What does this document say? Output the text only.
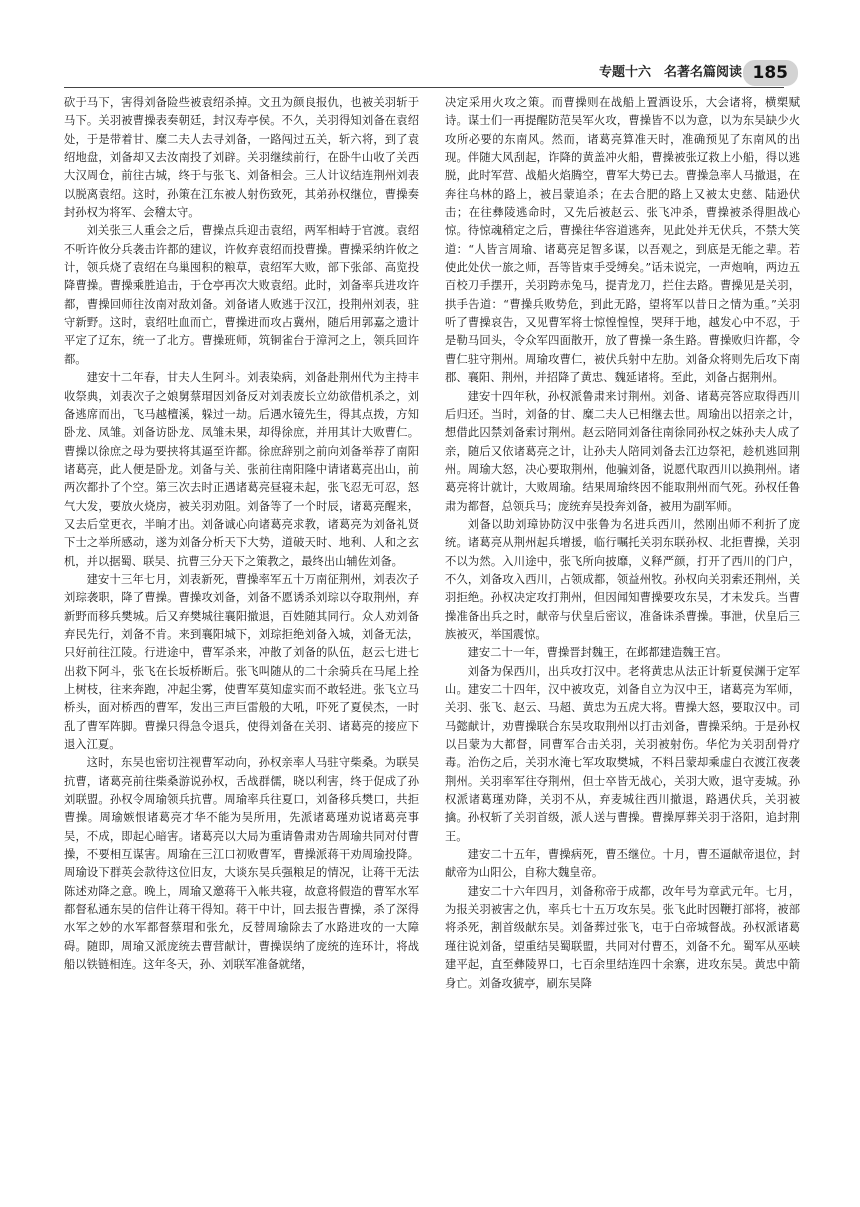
专题十六　名著名篇阅读 185

砍于马下，害得刘备险些被袁绍杀掉。文丑为颜良报仇，也被关羽斩于马下。关羽被曹操表奏朝廷，封汉寿亭侯。不久，关羽得知刘备在袁绍处，于是带着甘、糜二夫人去寻刘备，一路闯过五关，斩六将，到了袁绍地盘，刘备却又去汝南投了刘辟。关羽继续前行，在卧牛山收了关西大汉周仓，前往古城，终于与张飞、刘备相会。三人计议结连荆州刘表以脱离袁绍。这时，孙策在江东被人射伤致死，其弟孙权继位，曹操奏封孙权为将军、会稽太守。

刘关张三人重会之后，曹操点兵迎击袁绍，两军相峙于官渡。袁绍不听许攸分兵袭击许都的建议，许攸弃袁绍而投曹操。曹操采纳许攸之计，领兵烧了袁绍在乌巢囤积的粮草，袁绍军大败，部下张郃、高览投降曹操。曹操乘胜追击，于仓亭再次大败袁绍。此时，刘备率兵进攻许都，曹操回师往汝南对敌刘备。刘备诸人败逃于汉江，投荆州刘表，驻守新野。这时，袁绍吐血而亡，曹操进而攻占冀州，随后用郭嘉之遗计平定了辽东，统一了北方。曹操班师，筑铜雀台于漳河之上，领兵回许都。

建安十二年春，甘夫人生阿斗。刘表染病，刘备赴荆州代为主持丰收祭典，刘表次子之娘舅蔡瑁因刘备反对刘表废长立幼欲借机杀之，刘备逃席而出，飞马越檀溪，躲过一劫。后遇水镜先生，得其点拨，方知卧龙、凤雏。刘备访卧龙、凤雏未果，却得徐庶，并用其计大败曹仁。曹操以徐庶之母为要挟将其逼至许都。徐庶辞别之前向刘备举荐了南阳诸葛亮，此人便是卧龙。刘备与关、张前往南阳隆中请诸葛亮出山，前两次都扑了个空。第三次去时正遇诸葛亮昼寝未起，张飞忍无可忍，怒气大发，要放火烧房，被关羽劝阻。刘备等了一个时辰，诸葛亮醒来，又去后堂更衣，半晌才出。刘备诚心向诸葛亮求教，诸葛亮为刘备礼贤下士之举所感动，遂为刘备分析天下大势，道破天时、地利、人和之玄机，并以据蜀、联吴、抗曹三分天下之策教之，最终出山辅佐刘备。

建安十三年七月，刘表新死，曹操率军五十万南征荆州，刘表次子刘琮袭职，降了曹操。曹操攻刘备，刘备不愿诱杀刘琮以夺取荆州，弃新野而移兵樊城。后又弃樊城往襄阳撤退，百姓随其同行。众人劝刘备弃民先行，刘备不肯。来到襄阳城下，刘琮拒绝刘备入城，刘备无法，只好前往江陵。行进途中，曹军杀来，冲散了刘备的队伍，赵云七进七出救下阿斗，张飞在长坂桥断后。张飞叫随从的二十余骑兵在马尾上拴上树枝，往来奔跑，冲起尘雾，使曹军莫知虚实而不敢轻进。张飞立马桥头，面对桥西的曹军，发出三声巨雷般的大吼，吓死了夏侯杰，一时乱了曹军阵脚。曹操只得急令退兵，使得刘备在关羽、诸葛亮的接应下退入江夏。

这时，东吴也密切注视曹军动向，孙权亲率人马驻守柴桑。为联吴抗曹，诸葛亮前往柴桑游说孙权，舌战群儒，晓以利害，终于促成了孙刘联盟。孙权令周瑜领兵抗曹。周瑜率兵往夏口，刘备移兵樊口，共拒曹操。周瑜嫉恨诸葛亮才华不能为吴所用，先派诸葛瑾劝说诸葛亮事吴，不成，即起心暗害。诸葛亮以大局为重请鲁肃劝告周瑜共同对付曹操，不要相互谋害。周瑜在三江口初败曹军，曹操派蒋干劝周瑜投降。周瑜设下群英会款待这位旧友，大谈东吴兵强粮足的情况，让蒋干无法陈述劝降之意。晚上，周瑜又邀蒋干入帐共寝，故意将假造的曹军水军都督私通东吴的信件让蒋干得知。蒋干中计，回去报告曹操，杀了深得水军之妙的水军都督蔡瑁和张允，反替周瑜除去了水路进攻的一大障碍。随即，周瑜又派庞统去曹营献计，曹操误纳了庞统的连环计，将战船以铁链相连。这年冬天，孙、刘联军准备就绪，

决定采用火攻之策。而曹操则在战船上置酒设乐，大会诸将，横槊赋诗。谋士们一再提醒防范吴军火攻，曹操皆不以为意，以为东吴缺少火攻所必要的东南风。然而，诸葛亮算准天时，准确预见了东南风的出现。伴随大风刮起，诈降的黄盖冲火船，曹操被张辽救上小船，得以逃脱，此时军营、战船火焰腾空，曹军大势已去。曹操急率人马撤退，在奔往乌林的路上，被吕蒙追杀；在去合肥的路上又被太史慈、陆逊伏击；在往彝陵逃命时，又先后被赵云、张飞冲杀，曹操被杀得胆战心惊。待惊魂稍定之后，曹操往华容道逃奔，见此处并无伏兵，不禁大笑道：“人皆言周瑜、诸葛亮足智多谋，以吾观之，到底是无能之辈。若使此处伏一旅之师，吾等皆束手受缚矣。”话未说完，一声炮响，两边五百校刀手摆开，关羽跨赤兔马，提青龙刀，拦住去路。曹操见是关羽，拱手告道：“曹操兵败势危，到此无路，望将军以昔日之情为重。”关羽听了曹操哀告，又见曹军将士惊惶惶惶，哭拜于地，越发心中不忍，于是勒马回头，令众军四面散开，放了曹操一条生路。曹操败归许都，令曹仁驻守荆州。周瑜攻曹仁，被伏兵射中左肋。刘备众将则先后攻下南郡、襄阳、荆州，并招降了黄忠、魏延诸将。至此，刘备占据荆州。

建安十四年秋，孙权派鲁肃来讨荆州。刘备、诸葛亮答应取得西川后归还。当时，刘备的甘、糜二夫人已相继去世。周瑜出以招亲之计，想借此囚禁刘备索讨荆州。赵云陪同刘备往南徐同孙权之妹孙夫人成了亲，随后又依诸葛亮之计，让孙夫人陪同刘备去江边祭祀，趁机逃回荆州。周瑜大怒，决心要取荆州，他骗刘备，说愿代取西川以换荆州。诸葛亮将计就计，大败周瑜。结果周瑜终因不能取荆州而气死。孙权任鲁肃为都督，总领兵马；庞统弃吴投奔刘备，被用为副军师。

刘备以助刘璋协防汉中张鲁为名进兵西川，然刚出师不利折了庞统。诸葛亮从荆州起兵增援，临行嘱托关羽东联孙权、北拒曹操，关羽不以为然。入川途中，张飞所向披靡，义释严颜，打开了西川的门户，不久，刘备攻入西川，占领成都，领益州牧。孙权向关羽索还荆州，关羽拒绝。孙权决定攻打荆州，但因闻知曹操要攻东吴，才未发兵。当曹操准备出兵之时，献帝与伏皇后密议，准备诛杀曹操。事泄，伏皇后三族被灭，举国震惊。

建安二十一年，曹操晋封魏王，在邺都建造魏王宫。

刘备为保西川，出兵攻打汉中。老将黄忠从法正计斩夏侯渊于定军山。建安二十四年，汉中被攻克，刘备自立为汉中王，诸葛亮为军师，关羽、张飞、赵云、马超、黄忠为五虎大将。曹操大怒，要取汉中。司马懿献计，劝曹操联合东吴攻取荆州以打击刘备，曹操采纳。于是孙权以吕蒙为大都督，同曹军合击关羽，关羽被射伤。华佗为关羽刮骨疗毒。治伤之后，关羽水淹七军攻取樊城，不料吕蒙却乘虚白衣渡江夜袭荆州。关羽率军往夺荆州，但士卒皆无战心，关羽大败，退守麦城。孙权派诸葛瑾劝降，关羽不从，弃麦城往西川撤退，路遇伏兵，关羽被擒。孙权斩了关羽首级，派人送与曹操。曹操厚葬关羽于洛阳，追封荆王。

建安二十五年，曹操病死，曹丕继位。十月，曹丕逼献帝退位，封献帝为山阳公，自称大魏皇帝。

建安二十六年四月，刘备称帝于成都，改年号为章武元年。七月，为报关羽被害之仇，率兵七十五万攻东吴。张飞此时因鞭打部将，被部将杀死，割首级献东吴。刘备葬过张飞，屯于白帝城督战。孙权派诸葛瑾往说刘备，望重结吴蜀联盟，共同对付曹丕，刘备不允。蜀军从巫峡建平起，直至彝陵界口，七百余里结连四十余寨，进攻东吴。黄忠中箭身亡。刘备攻猇亭，刷东吴降
